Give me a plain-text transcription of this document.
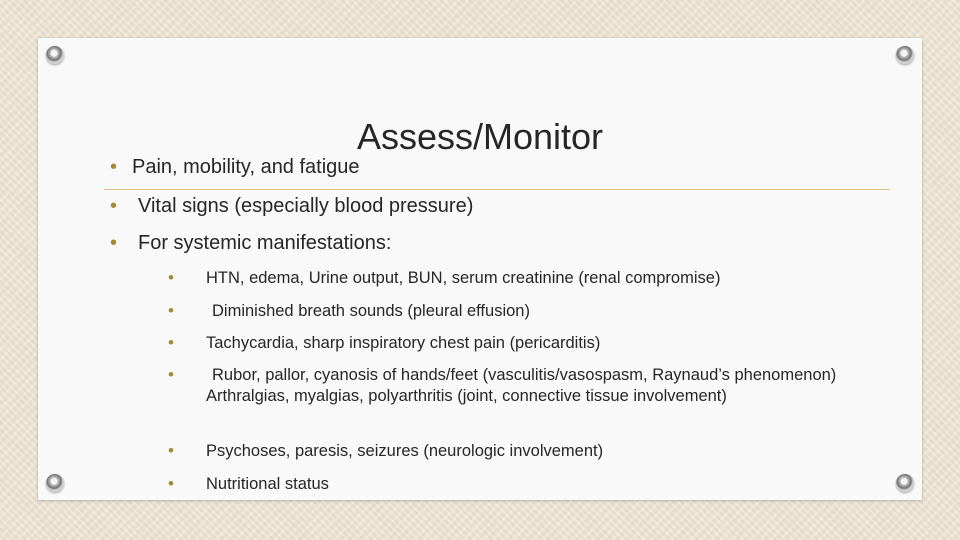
Assess/Monitor
• Pain, mobility, and fatigue
• Vital signs (especially blood pressure)
• For systemic manifestations:
• HTN, edema, Urine output, BUN, serum creatinine (renal compromise)
• Diminished breath sounds (pleural effusion)
• Tachycardia, sharp inspiratory chest pain (pericarditis)
•	Rubor, pallor, cyanosis of hands/feet (vasculitis/vasospasm, Raynaud’s phenomenon) Arthralgias, myalgias, polyarthritis (joint, connective tissue involvement)
• Psychoses, paresis, seizures (neurologic involvement)
• Nutritional status
